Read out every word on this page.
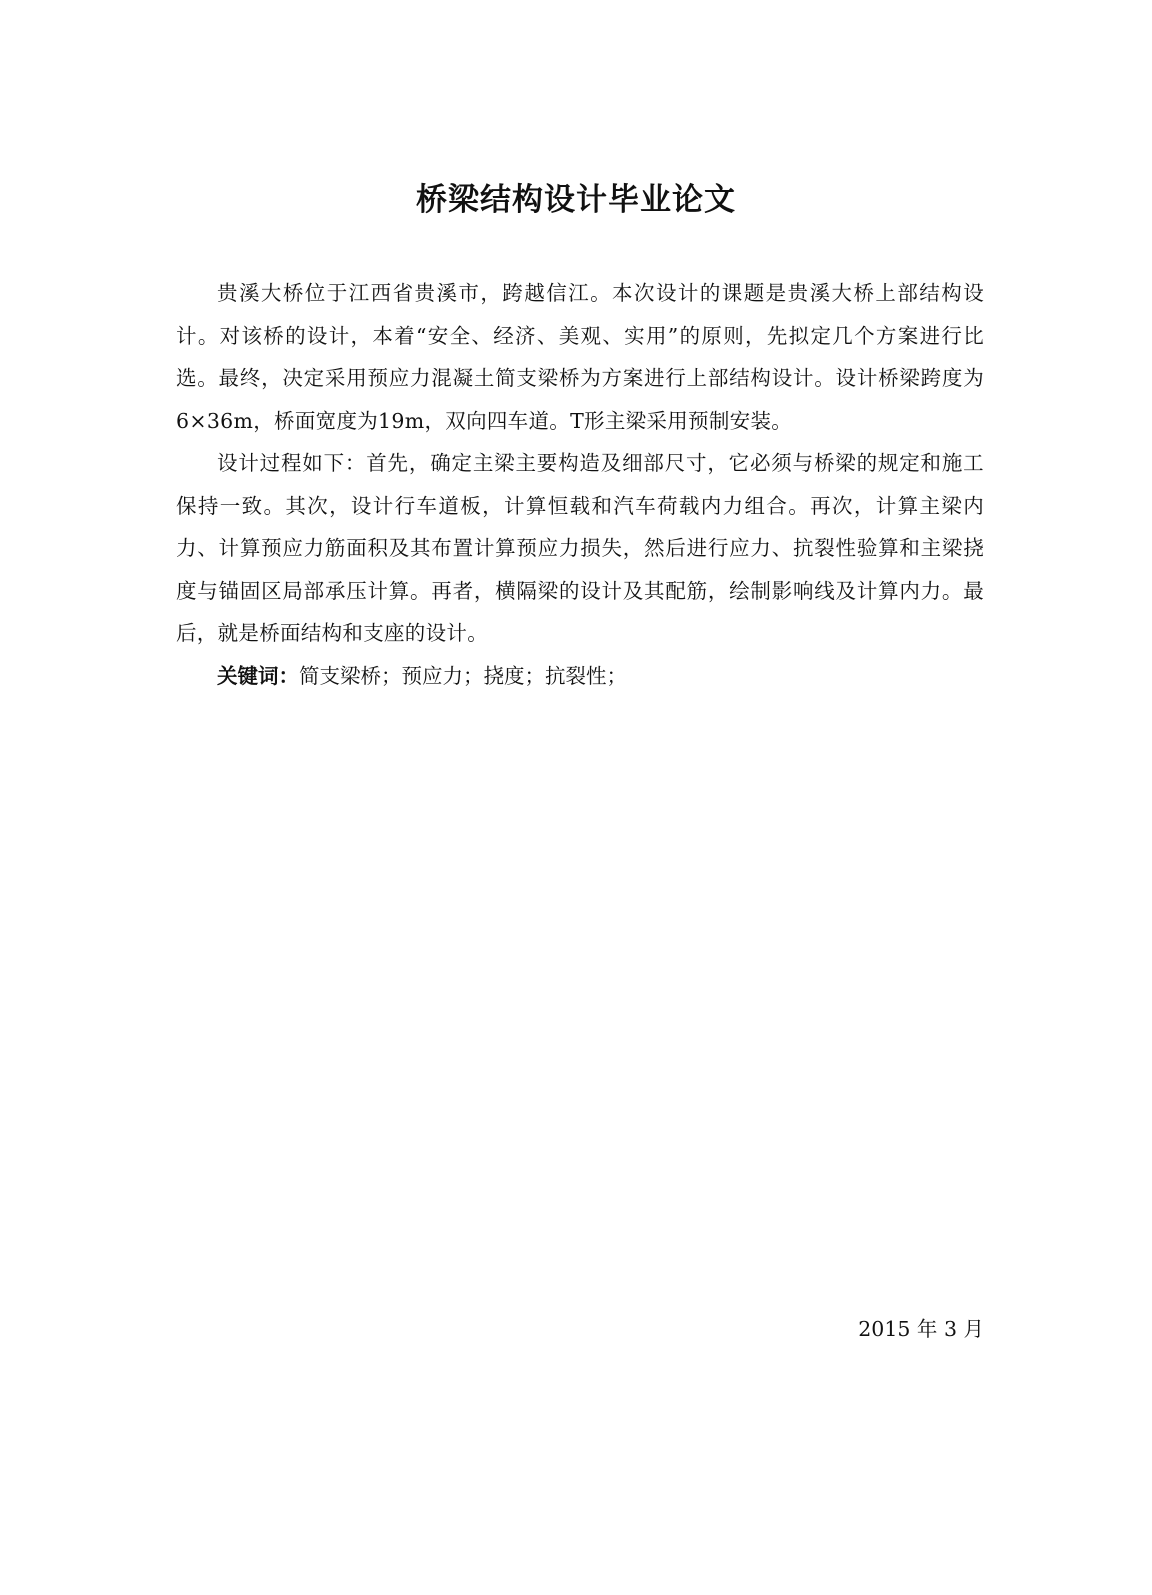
桥梁结构设计毕业论文

贵溪大桥位于江西省贵溪市，跨越信江。本次设计的课题是贵溪大桥上部结构设计。对该桥的设计，本着“安全、经济、美观、实用”的原则，先拟定几个方案进行比选。最终，决定采用预应力混凝土简支梁桥为方案进行上部结构设计。设计桥梁跨度为6×36m，桥面宽度为19m，双向四车道。T形主梁采用预制安装。

设计过程如下：首先，确定主梁主要构造及细部尺寸，它必须与桥梁的规定和施工保持一致。其次，设计行车道板，计算恒载和汽车荷载内力组合。再次，计算主梁内力、计算预应力筋面积及其布置计算预应力损失，然后进行应力、抗裂性验算和主梁挠度与锚固区局部承压计算。再者，横隔梁的设计及其配筋，绘制影响线及计算内力。最后，就是桥面结构和支座的设计。

关键词：简支梁桥；预应力；挠度；抗裂性；

2015 年 3 月
